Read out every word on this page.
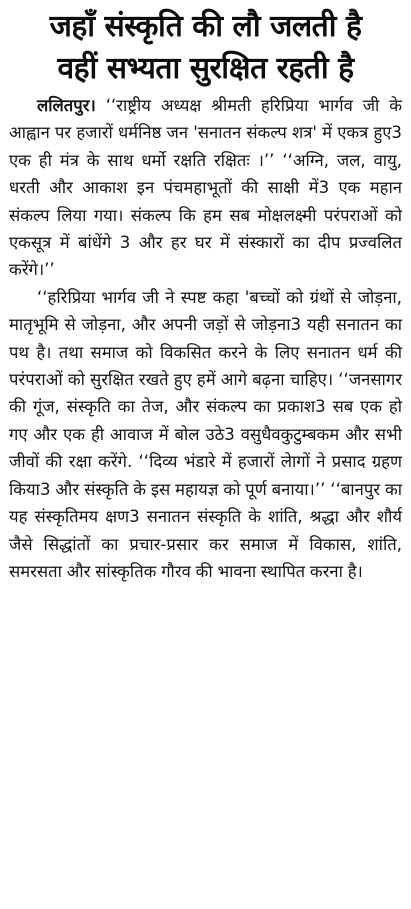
जहाँ संस्कृति की लौ जलती है
वहीं सभ्यता सुरक्षित रहती है

ललितपुर। ‘‘राष्ट्रीय अध्यक्ष श्रीमती हरिप्रिया भार्गव जी के आह्वान पर हजारों धर्मनिष्ठ जन 'सनातन संकल्प शत्र' में एकत्र हुए3 एक ही मंत्र के साथ धर्मो रक्षति रक्षितः ।’’ ‘‘अग्नि, जल, वायु, धरती और आकाश इन पंचमहाभूतों की साक्षी में3 एक महान संकल्प लिया गया। संकल्प कि हम सब मोक्षलक्ष्मी परंपराओं को एकसूत्र में बांधेंगे 3 और हर घर में संस्कारों का दीप प्रज्वलित करेंगे।’’

‘‘हरिप्रिया भार्गव जी ने स्पष्ट कहा 'बच्चों को ग्रंथों से जोड़ना, मातृभूमि से जोड़ना, और अपनी जड़ों से जोड़ना3 यही सनातन का पथ है। तथा समाज को विकसित करने के लिए सनातन धर्म की परंपराओं को सुरक्षित रखते हुए हमें आगे बढ़ना चाहिए। ‘‘जनसागर की गूंज, संस्कृति का तेज, और संकल्प का प्रकाश3 सब एक हो गए और एक ही आवाज में बोल उठे3 वसुधैवकुटुम्बकम और सभी जीवों की रक्षा करेंगे. ‘‘दिव्य भंडारे में हजारों लेागों ने प्रसाद ग्रहण किया3 और संस्कृति के इस महायज्ञ को पूर्ण बनाया।’’ ‘‘बानपुर का यह संस्कृतिमय क्षण3 सनातन संस्कृति के शांति, श्रद्धा और शौर्य जैसे सिद्धांतों का प्रचार-प्रसार कर समाज में विकास, शांति, समरसता और सांस्कृतिक गौरव की भावना स्थापित करना है।
